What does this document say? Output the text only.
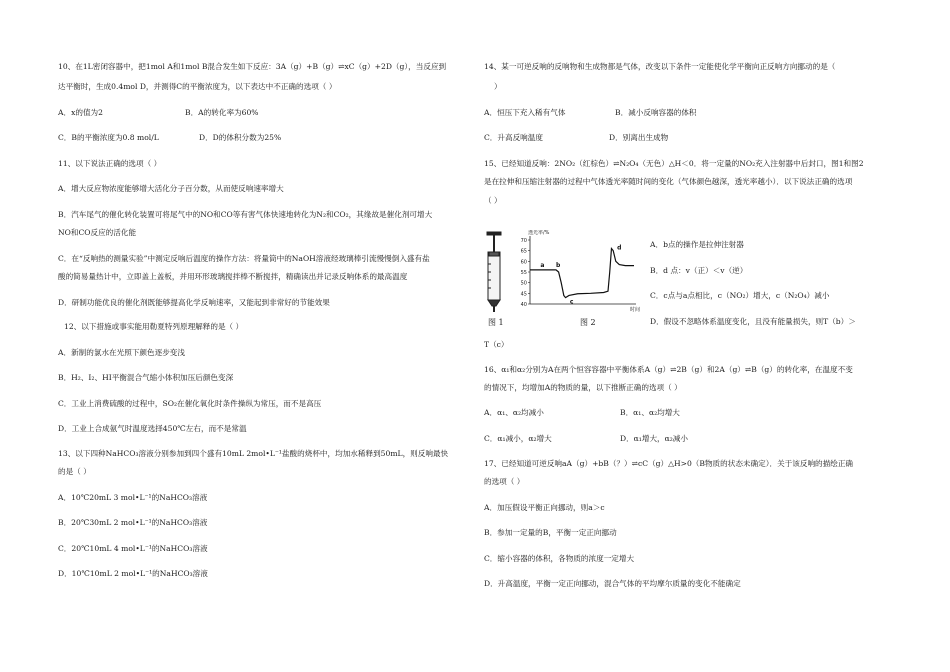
10、在1L密闭容器中，把1mol A和1mol B混合发生如下反应：3A（g）+B（g）⇌xC（g）+2D（g），当反应到
达平衡时，生成0.4mol D，并测得C的平衡浓度为，以下表达中不正确的选项（ ）
A．x的值为2	B．A的转化率为60%
C．B的平衡浓度为0.8 mol/L	D．D的体积分数为25%
11、以下说法正确的选项（ ）
A．增大反应物浓度能够增大活化分子百分数，从而使反响速率增大
B．汽车尾气的催化转化装置可将尾气中的NO和CO等有害气体快速地转化为N₂和CO₂，其缘故是催化剂可增大
NO和CO反应的活化能
C．在“反响热的测量实验”中测定反响后温度的操作方法：将量筒中的NaOH溶液经玻璃棒引流慢慢倒入盛有盐
酸的简易量热计中，立即盖上盖板，并用环形玻璃搅拌棒不断搅拌，精确读出并记录反响体系的最高温度
D．研制功能优良的催化剂既能够提高化学反响速率，又能起到非常好的节能效果
12、以下措施或事实能用勒夏特列原理解释的是（ ）
A．新制的氯水在光照下颜色逐步变浅
B．H₂、I₂、HI平衡混合气缩小体积加压后颜色变深
C．工业上消费硫酸的过程中，SO₂在催化氧化时条件操纵为常压，而不是高压
D．工业上合成氨气时温度选择450℃左右，而不是常温
13、以下四种NaHCO₃溶液分别参加到四个盛有10mL 2mol•L⁻¹盐酸的烧杯中，均加水稀释到50mL，则反响最快
的是（ ）
A．10℃20mL 3 mol•L⁻¹的NaHCO₃溶液
B．20℃30mL 2 mol•L⁻¹的NaHCO₃溶液
C．20℃10mL 4 mol•L⁻¹的NaHCO₃溶液
D．10℃10mL 2 mol•L⁻¹的NaHCO₃溶液
14、某一可逆反响的反响物和生成物都是气体，改变以下条件一定能使化学平衡向正反响方向挪动的是（
）
A．恒压下充入稀有气体	B．减小反响容器的体积
C．升高反响温度	D．别离出生成物
15、已经知道反响：2NO₂（红棕色）⇌N₂O₄（无色）△H＜0．将一定量的NO₂充入注射器中后封口，图1和图2
是在拉伸和压缩注射器的过程中气体透光率随时间的变化（气体颜色越深，透光率越小）．以下说法正确的选项
（ ）
40
45
50
55
60
65
70
透光率/%
时间
a b
c
d
图 1	图 2
A．b点的操作是拉伸注射器
B．d 点：v（正）＜v（逆）
C．c点与a点相比，c（NO₂）增大，c（N₂O₄）减小
D．假设不忽略体系温度变化，且没有能量损失，则T（b）＞
T（c）
16、α₁和α₂分别为A在两个恒容容器中平衡体系A（g）⇌2B（g）和2A（g）⇌B（g）的转化率，在温度不变
的情况下，均增加A的物质的量，以下推断正确的选项（ ）
A．α₁、α₂均减小	B．α₁、α₂均增大
C．α₁减小，α₂增大	D．α₁增大，α₂减小
17、已经知道可逆反响aA（g）+bB（？）⇌cC（g）△H>0（B物质的状态未确定）．关于该反响的描绘正确
的选项（ ）
A．加压假设平衡正向挪动，则a＞c
B．参加一定量的B，平衡一定正向挪动
C．缩小容器的体积，各物质的浓度一定增大
D．升高温度，平衡一定正向挪动，混合气体的平均摩尔质量的变化不能确定
